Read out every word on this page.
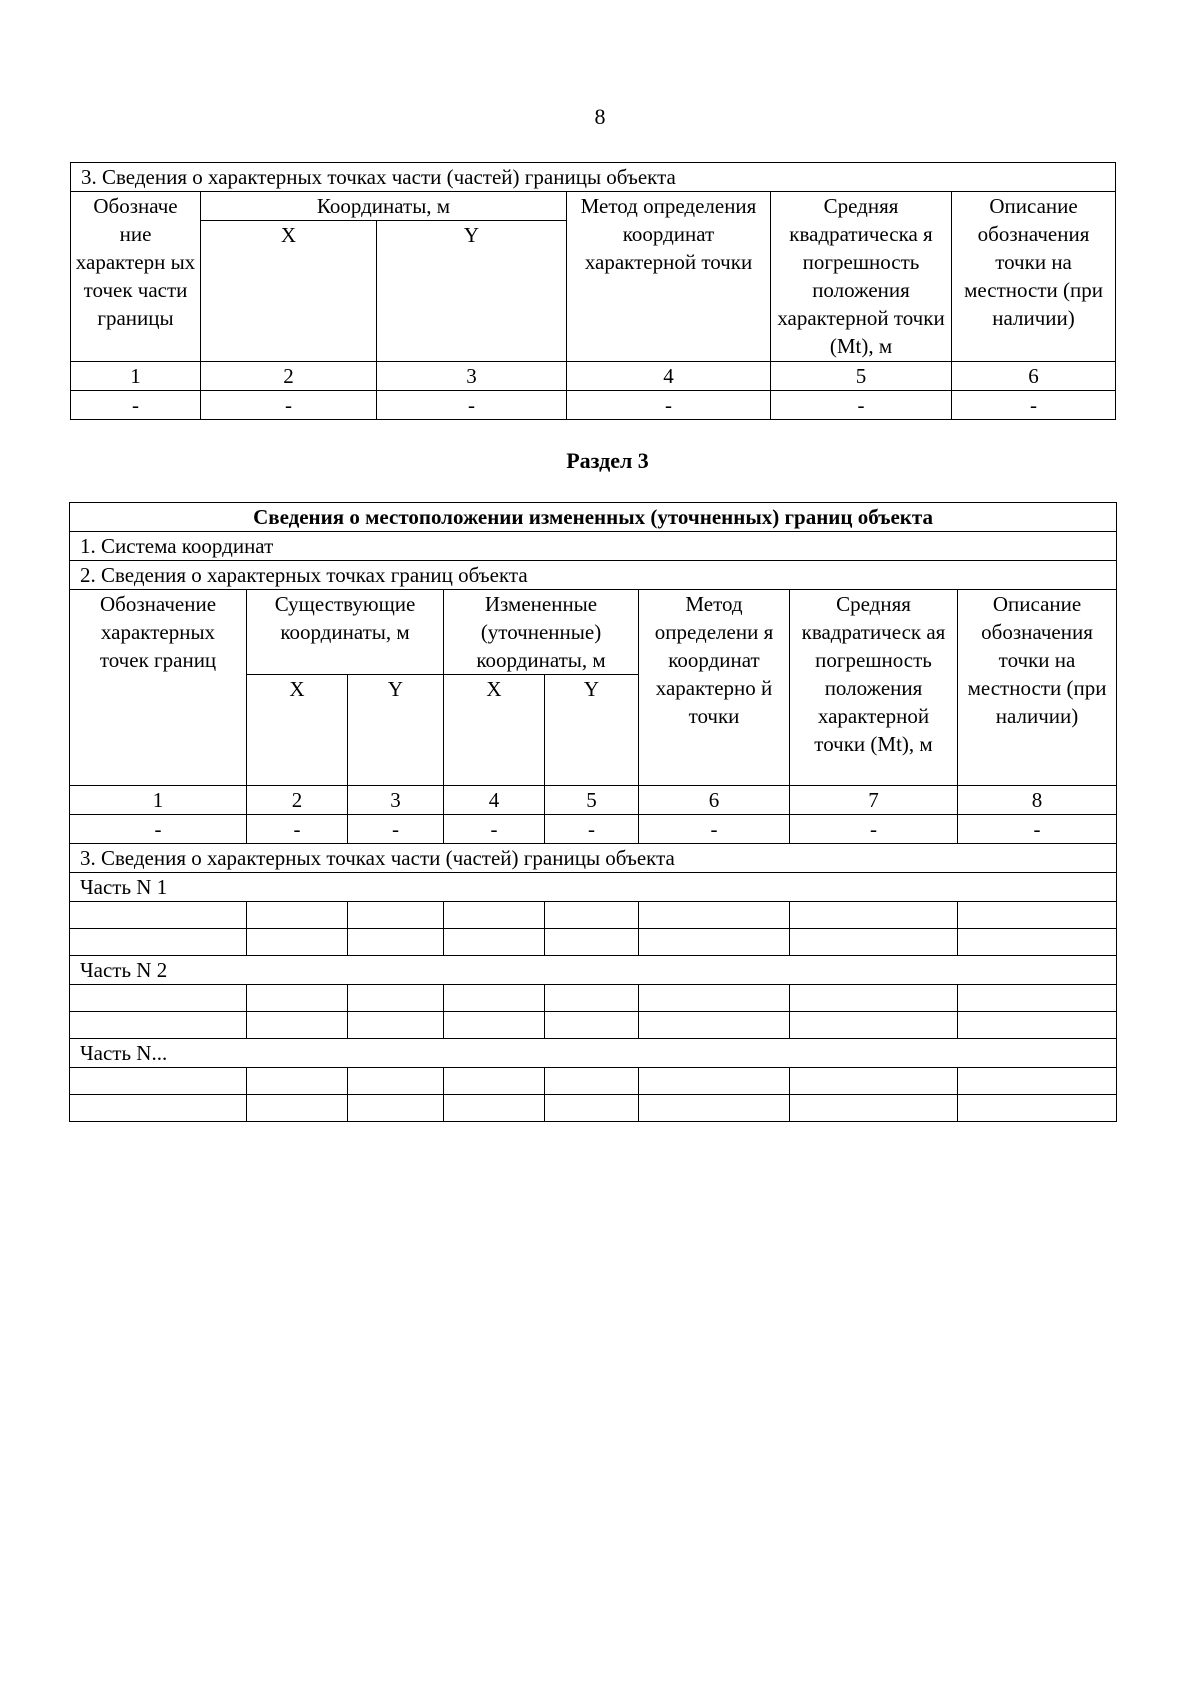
8
3. Сведения о характерных точках части (частей) границы объекта					
Обозначе ние характерн ых точек части границы	Координаты, м		Метод определения координат характерной точки	Средняя квадратическа я погрешность положения характерной точки (Mt), м	Описание обозначения точки на местности (при наличии)
	X	Y			
1	2	3	4	5	6
-	-	-	-	-	-
Раздел 3
Сведения о местоположении измененных (уточненных) границ объекта							
1. Система координат							
2. Сведения о характерных точках границ объекта							
Обозначение характерных точек границ	Существующие координаты, м		Измененные (уточненные) координаты, м		Метод определени я координат характерно й точки	Средняя квадратическ ая погрешность положения характерной точки (Mt), м	Описание обозначения точки на местности (при наличии)
	X	Y	X	Y			
1	2	3	4	5	6	7	8
-	-	-	-	-	-	-	-
3. Сведения о характерных точках части (частей) границы объекта							
Часть N 1							

Часть N 2							

Часть N...							
